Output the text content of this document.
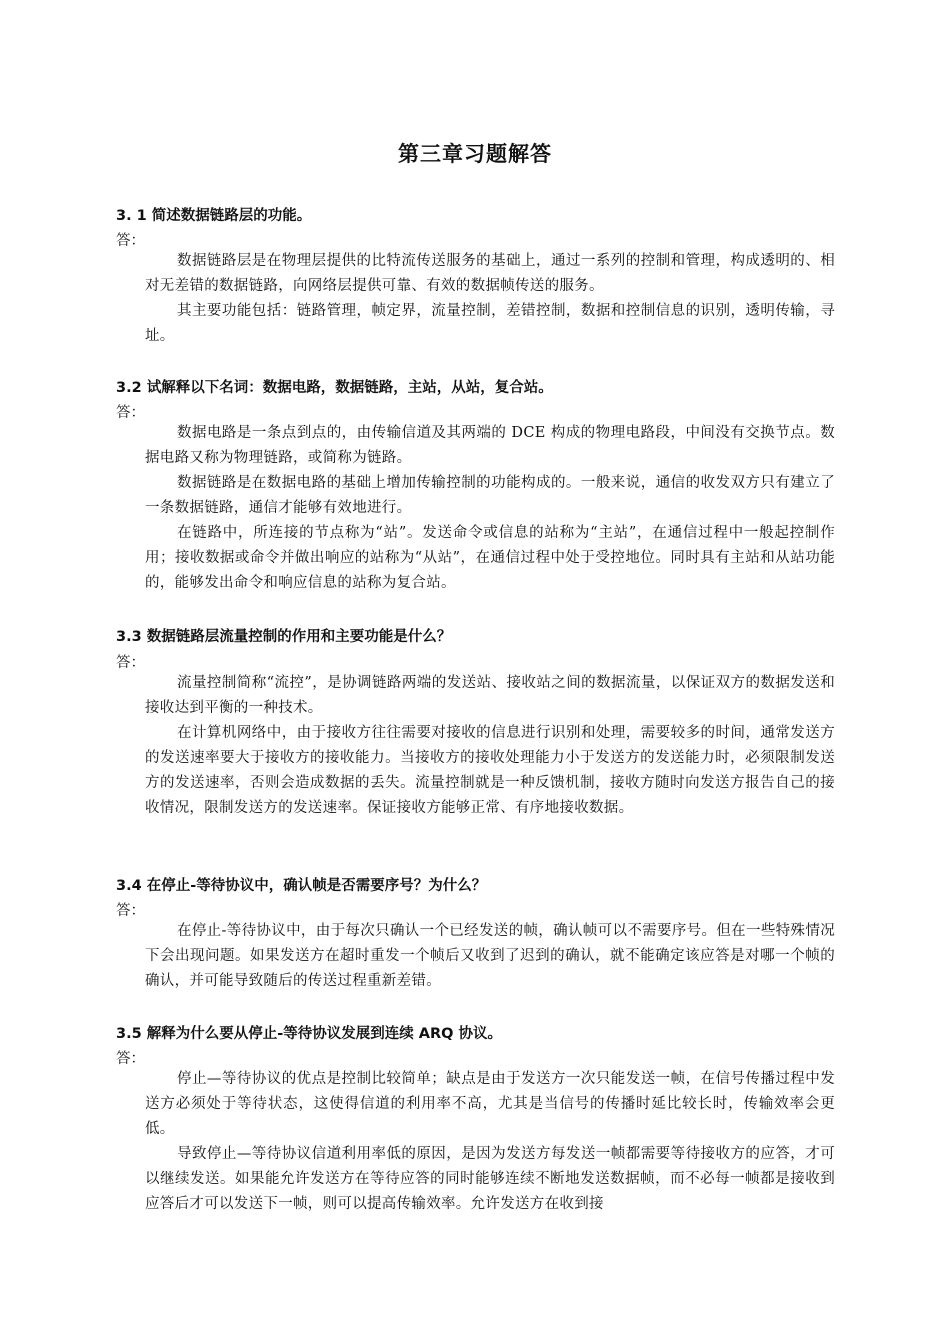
第三章习题解答
3. 1 简述数据链路层的功能。
答：
数据链路层是在物理层提供的比特流传送服务的基础上，通过一系列的控制和管理，构成透明的、相对无差错的数据链路，向网络层提供可靠、有效的数据帧传送的服务。
其主要功能包括：链路管理，帧定界，流量控制，差错控制，数据和控制信息的识别，透明传输，寻址。
3.2 试解释以下名词：数据电路，数据链路，主站，从站，复合站。
答：
数据电路是一条点到点的，由传输信道及其两端的 DCE 构成的物理电路段，中间没有交换节点。数据电路又称为物理链路，或简称为链路。
数据链路是在数据电路的基础上增加传输控制的功能构成的。一般来说，通信的收发双方只有建立了一条数据链路，通信才能够有效地进行。
在链路中，所连接的节点称为“站”。发送命令或信息的站称为“主站”，在通信过程中一般起控制作用；接收数据或命令并做出响应的站称为“从站”，在通信过程中处于受控地位。同时具有主站和从站功能的，能够发出命令和响应信息的站称为复合站。
3.3 数据链路层流量控制的作用和主要功能是什么？
答：
流量控制简称“流控”，是协调链路两端的发送站、接收站之间的数据流量，以保证双方的数据发送和接收达到平衡的一种技术。
在计算机网络中，由于接收方往往需要对接收的信息进行识别和处理，需要较多的时间，通常发送方的发送速率要大于接收方的接收能力。当接收方的接收处理能力小于发送方的发送能力时，必须限制发送方的发送速率，否则会造成数据的丢失。流量控制就是一种反馈机制，接收方随时向发送方报告自己的接收情况，限制发送方的发送速率。保证接收方能够正常、有序地接收数据。
3.4 在停止-等待协议中，确认帧是否需要序号？为什么？
答：
在停止-等待协议中，由于每次只确认一个已经发送的帧，确认帧可以不需要序号。但在一些特殊情况下会出现问题。如果发送方在超时重发一个帧后又收到了迟到的确认，就不能确定该应答是对哪一个帧的确认，并可能导致随后的传送过程重新差错。
3.5 解释为什么要从停止-等待协议发展到连续 ARQ 协议。
答：
停止—等待协议的优点是控制比较简单；缺点是由于发送方一次只能发送一帧，在信号传播过程中发送方必须处于等待状态，这使得信道的利用率不高，尤其是当信号的传播时延比较长时，传输效率会更低。
导致停止—等待协议信道利用率低的原因，是因为发送方每发送一帧都需要等待接收方的应答，才可以继续发送。如果能允许发送方在等待应答的同时能够连续不断地发送数据帧，而不必每一帧都是接收到应答后才可以发送下一帧，则可以提高传输效率。允许发送方在收到接
